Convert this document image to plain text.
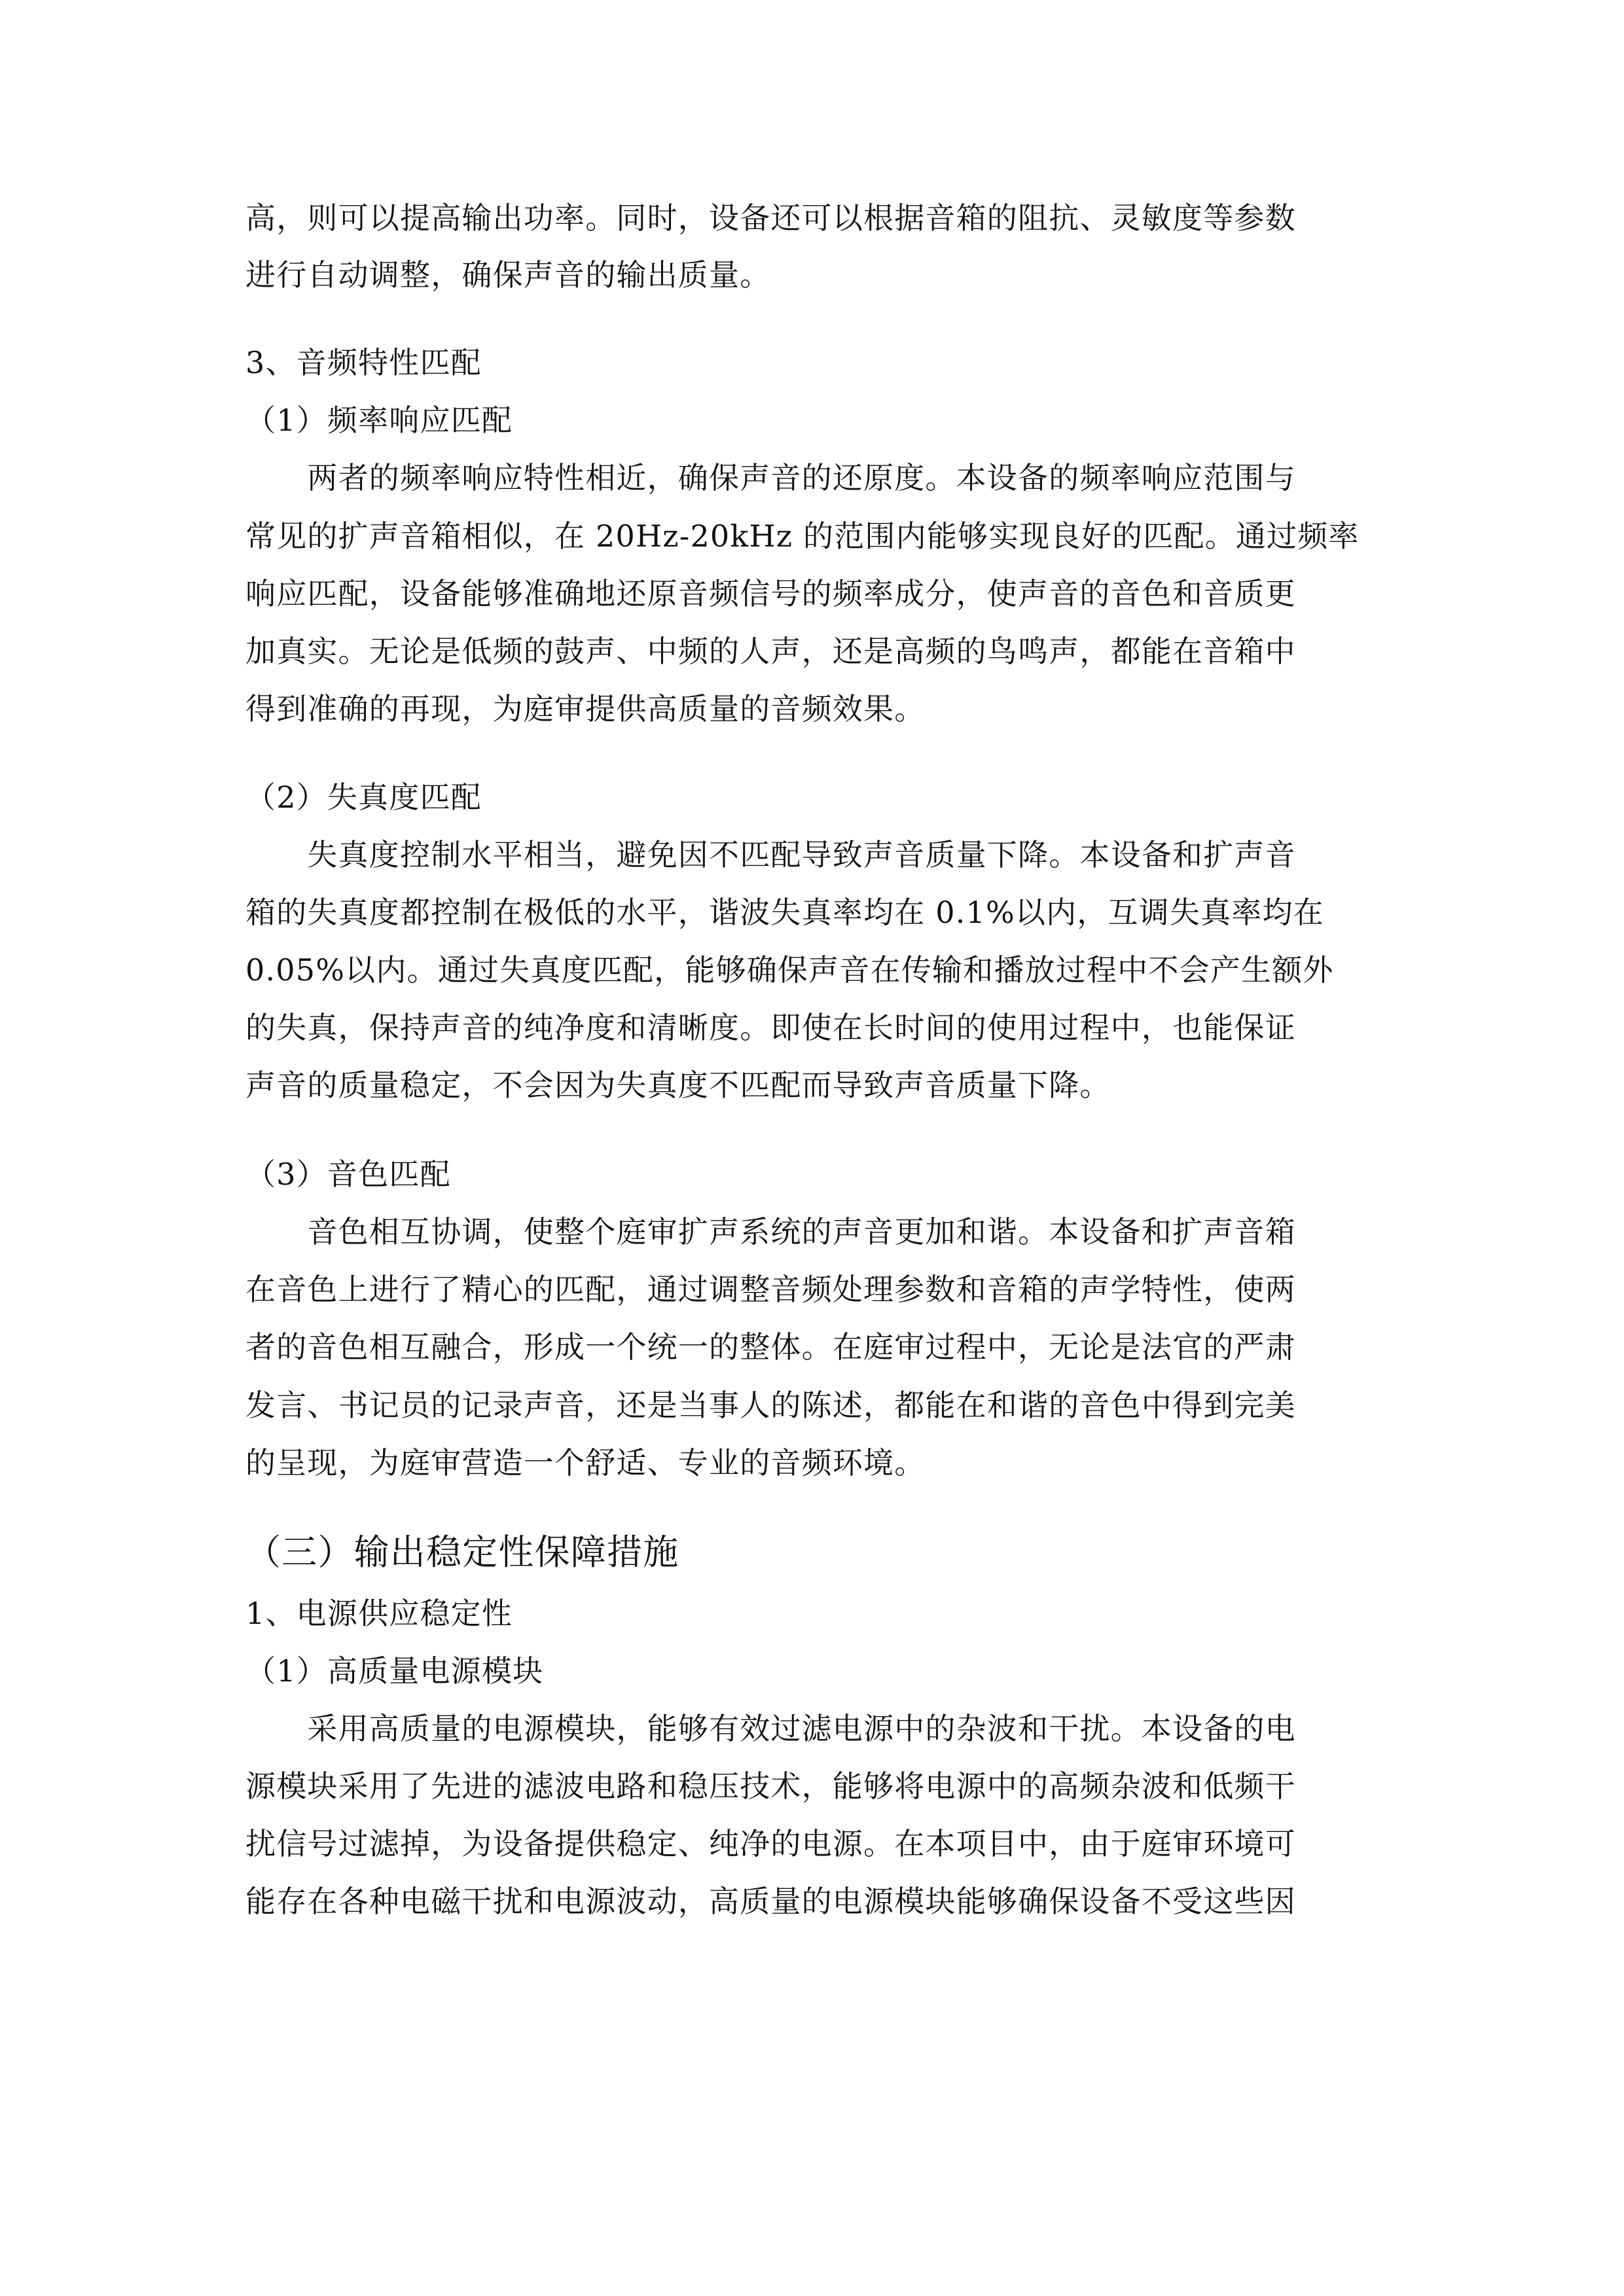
高，则可以提高输出功率。同时，设备还可以根据音箱的阻抗、灵敏度等参数
进行自动调整，确保声音的输出质量。
3、音频特性匹配
（1）频率响应匹配
　　两者的频率响应特性相近，确保声音的还原度。本设备的频率响应范围与
常见的扩声音箱相似，在 20Hz-20kHz 的范围内能够实现良好的匹配。通过频率
响应匹配，设备能够准确地还原音频信号的频率成分，使声音的音色和音质更
加真实。无论是低频的鼓声、中频的人声，还是高频的鸟鸣声，都能在音箱中
得到准确的再现，为庭审提供高质量的音频效果。
（2）失真度匹配
　　失真度控制水平相当，避免因不匹配导致声音质量下降。本设备和扩声音
箱的失真度都控制在极低的水平，谐波失真率均在 0.1%以内，互调失真率均在
0.05%以内。通过失真度匹配，能够确保声音在传输和播放过程中不会产生额外
的失真，保持声音的纯净度和清晰度。即使在长时间的使用过程中，也能保证
声音的质量稳定，不会因为失真度不匹配而导致声音质量下降。
（3）音色匹配
　　音色相互协调，使整个庭审扩声系统的声音更加和谐。本设备和扩声音箱
在音色上进行了精心的匹配，通过调整音频处理参数和音箱的声学特性，使两
者的音色相互融合，形成一个统一的整体。在庭审过程中，无论是法官的严肃
发言、书记员的记录声音，还是当事人的陈述，都能在和谐的音色中得到完美
的呈现，为庭审营造一个舒适、专业的音频环境。
（三）输出稳定性保障措施
1、电源供应稳定性
（1）高质量电源模块
　　采用高质量的电源模块，能够有效过滤电源中的杂波和干扰。本设备的电
源模块采用了先进的滤波电路和稳压技术，能够将电源中的高频杂波和低频干
扰信号过滤掉，为设备提供稳定、纯净的电源。在本项目中，由于庭审环境可
能存在各种电磁干扰和电源波动，高质量的电源模块能够确保设备不受这些因
